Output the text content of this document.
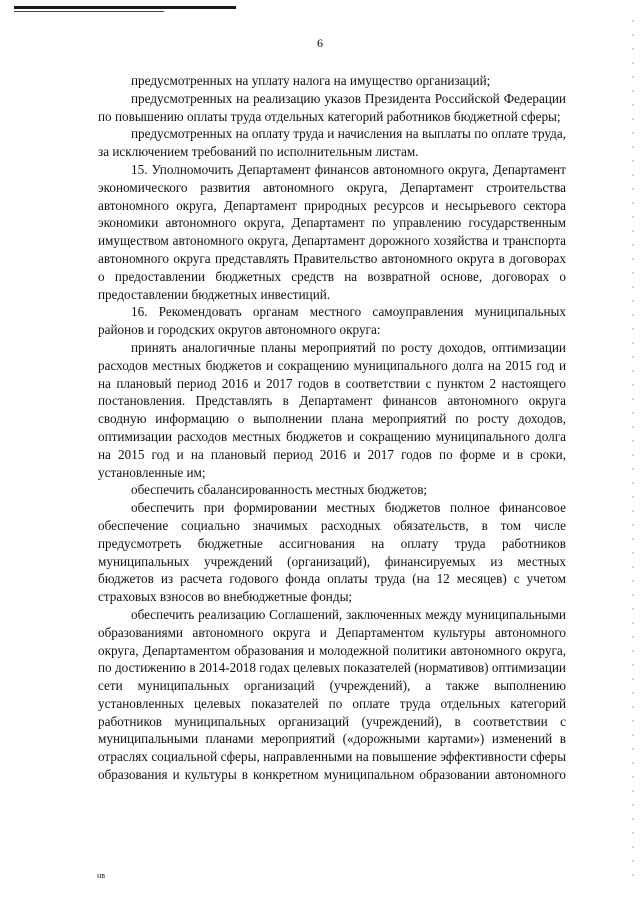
6

предусмотренных на уплату налога на имущество организаций;

предусмотренных на реализацию указов Президента Российской Федерации по повышению оплаты труда отдельных категорий работников бюджетной сферы;

предусмотренных на оплату труда и начисления на выплаты по оплате труда, за исключением требований по исполнительным листам.

15. Уполномочить Департамент финансов автономного округа, Департамент экономического развития автономного округа, Департамент строительства автономного округа, Департамент природных ресурсов и несырьевого сектора экономики автономного округа, Департамент по управлению государственным имуществом автономного округа, Департамент дорожного хозяйства и транспорта автономного округа представлять Правительство автономного округа в договорах о предоставлении бюджетных средств на возвратной основе, договорах о предоставлении бюджетных инвестиций.

16. Рекомендовать органам местного самоуправления муниципальных районов и городских округов автономного округа:

принять аналогичные планы мероприятий по росту доходов, оптимизации расходов местных бюджетов и сокращению муниципального долга на 2015 год и на плановый период 2016 и 2017 годов в соответствии с пунктом 2 настоящего постановления. Представлять в Департамент финансов автономного округа сводную информацию о выполнении плана мероприятий по росту доходов, оптимизации расходов местных бюджетов и сокращению муниципального долга на 2015 год и на плановый период 2016 и 2017 годов по форме и в сроки, установленные им;

обеспечить сбалансированность местных бюджетов;

обеспечить при формировании местных бюджетов полное финансовое обеспечение социально значимых расходных обязательств, в том числе предусмотреть бюджетные ассигнования на оплату труда работников муниципальных учреждений (организаций), финансируемых из местных бюджетов из расчета годового фонда оплаты труда (на 12 месяцев) с учетом страховых взносов во внебюджетные фонды;

обеспечить реализацию Соглашений, заключенных между муниципальными образованиями автономного округа и Департаментом культуры автономного округа, Департаментом образования и молодежной политики автономного округа, по достижению в 2014-2018 годах целевых показателей (нормативов) оптимизации сети муниципальных организаций (учреждений), а также выполнению установленных целевых показателей по оплате труда отдельных категорий работников муниципальных организаций (учреждений), в соответствии с муниципальными планами мероприятий («дорожными картами») изменений в отраслях социальной сферы, направленными на повышение эффективности сферы образования и культуры в конкретном муниципальном образовании автономного

нв
